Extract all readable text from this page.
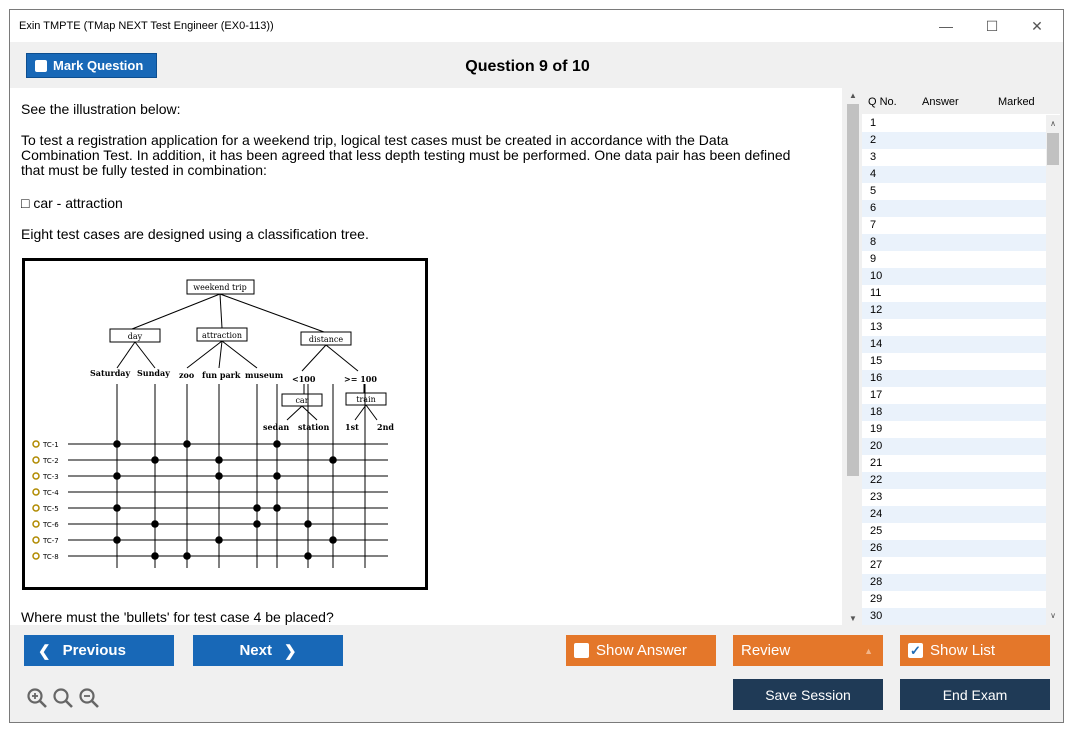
Exin TMPTE (TMap NEXT Test Engineer (EX0-113))	—	☐	✕
Mark Question	Question 9 of 10

See the illustration below:

To test a registration application for a weekend trip, logical test cases must be created in accordance with the Data

Combination Test. In addition, it has been agreed that less depth testing must be performed. One data pair has been defined

that must be fully tested in combination:

□ car - attraction

Eight test cases are designed using a classification tree.

weekend trip
day	attraction	distance
Saturday Sunday zoo fun park museum <100	>= 100
car	train
sedan station 1st 2nd
TC-1
TC-2
TC-3
TC-4
TC-5
TC-6
TC-7
TC-8

Where must the 'bullets' for test case 4 be placed?

▲
▼
Q No. Answer	Marked
1
2
3
4
5
6
7
8
9
10
11
12
13
14
15
16
17
18
19
20
21
22
23
24
25
26
27
28
29
30
∧
∨
❮ Previous	Next ❯	Show Answer	Review	▲	✓ Show List
Save Session	End Exam
